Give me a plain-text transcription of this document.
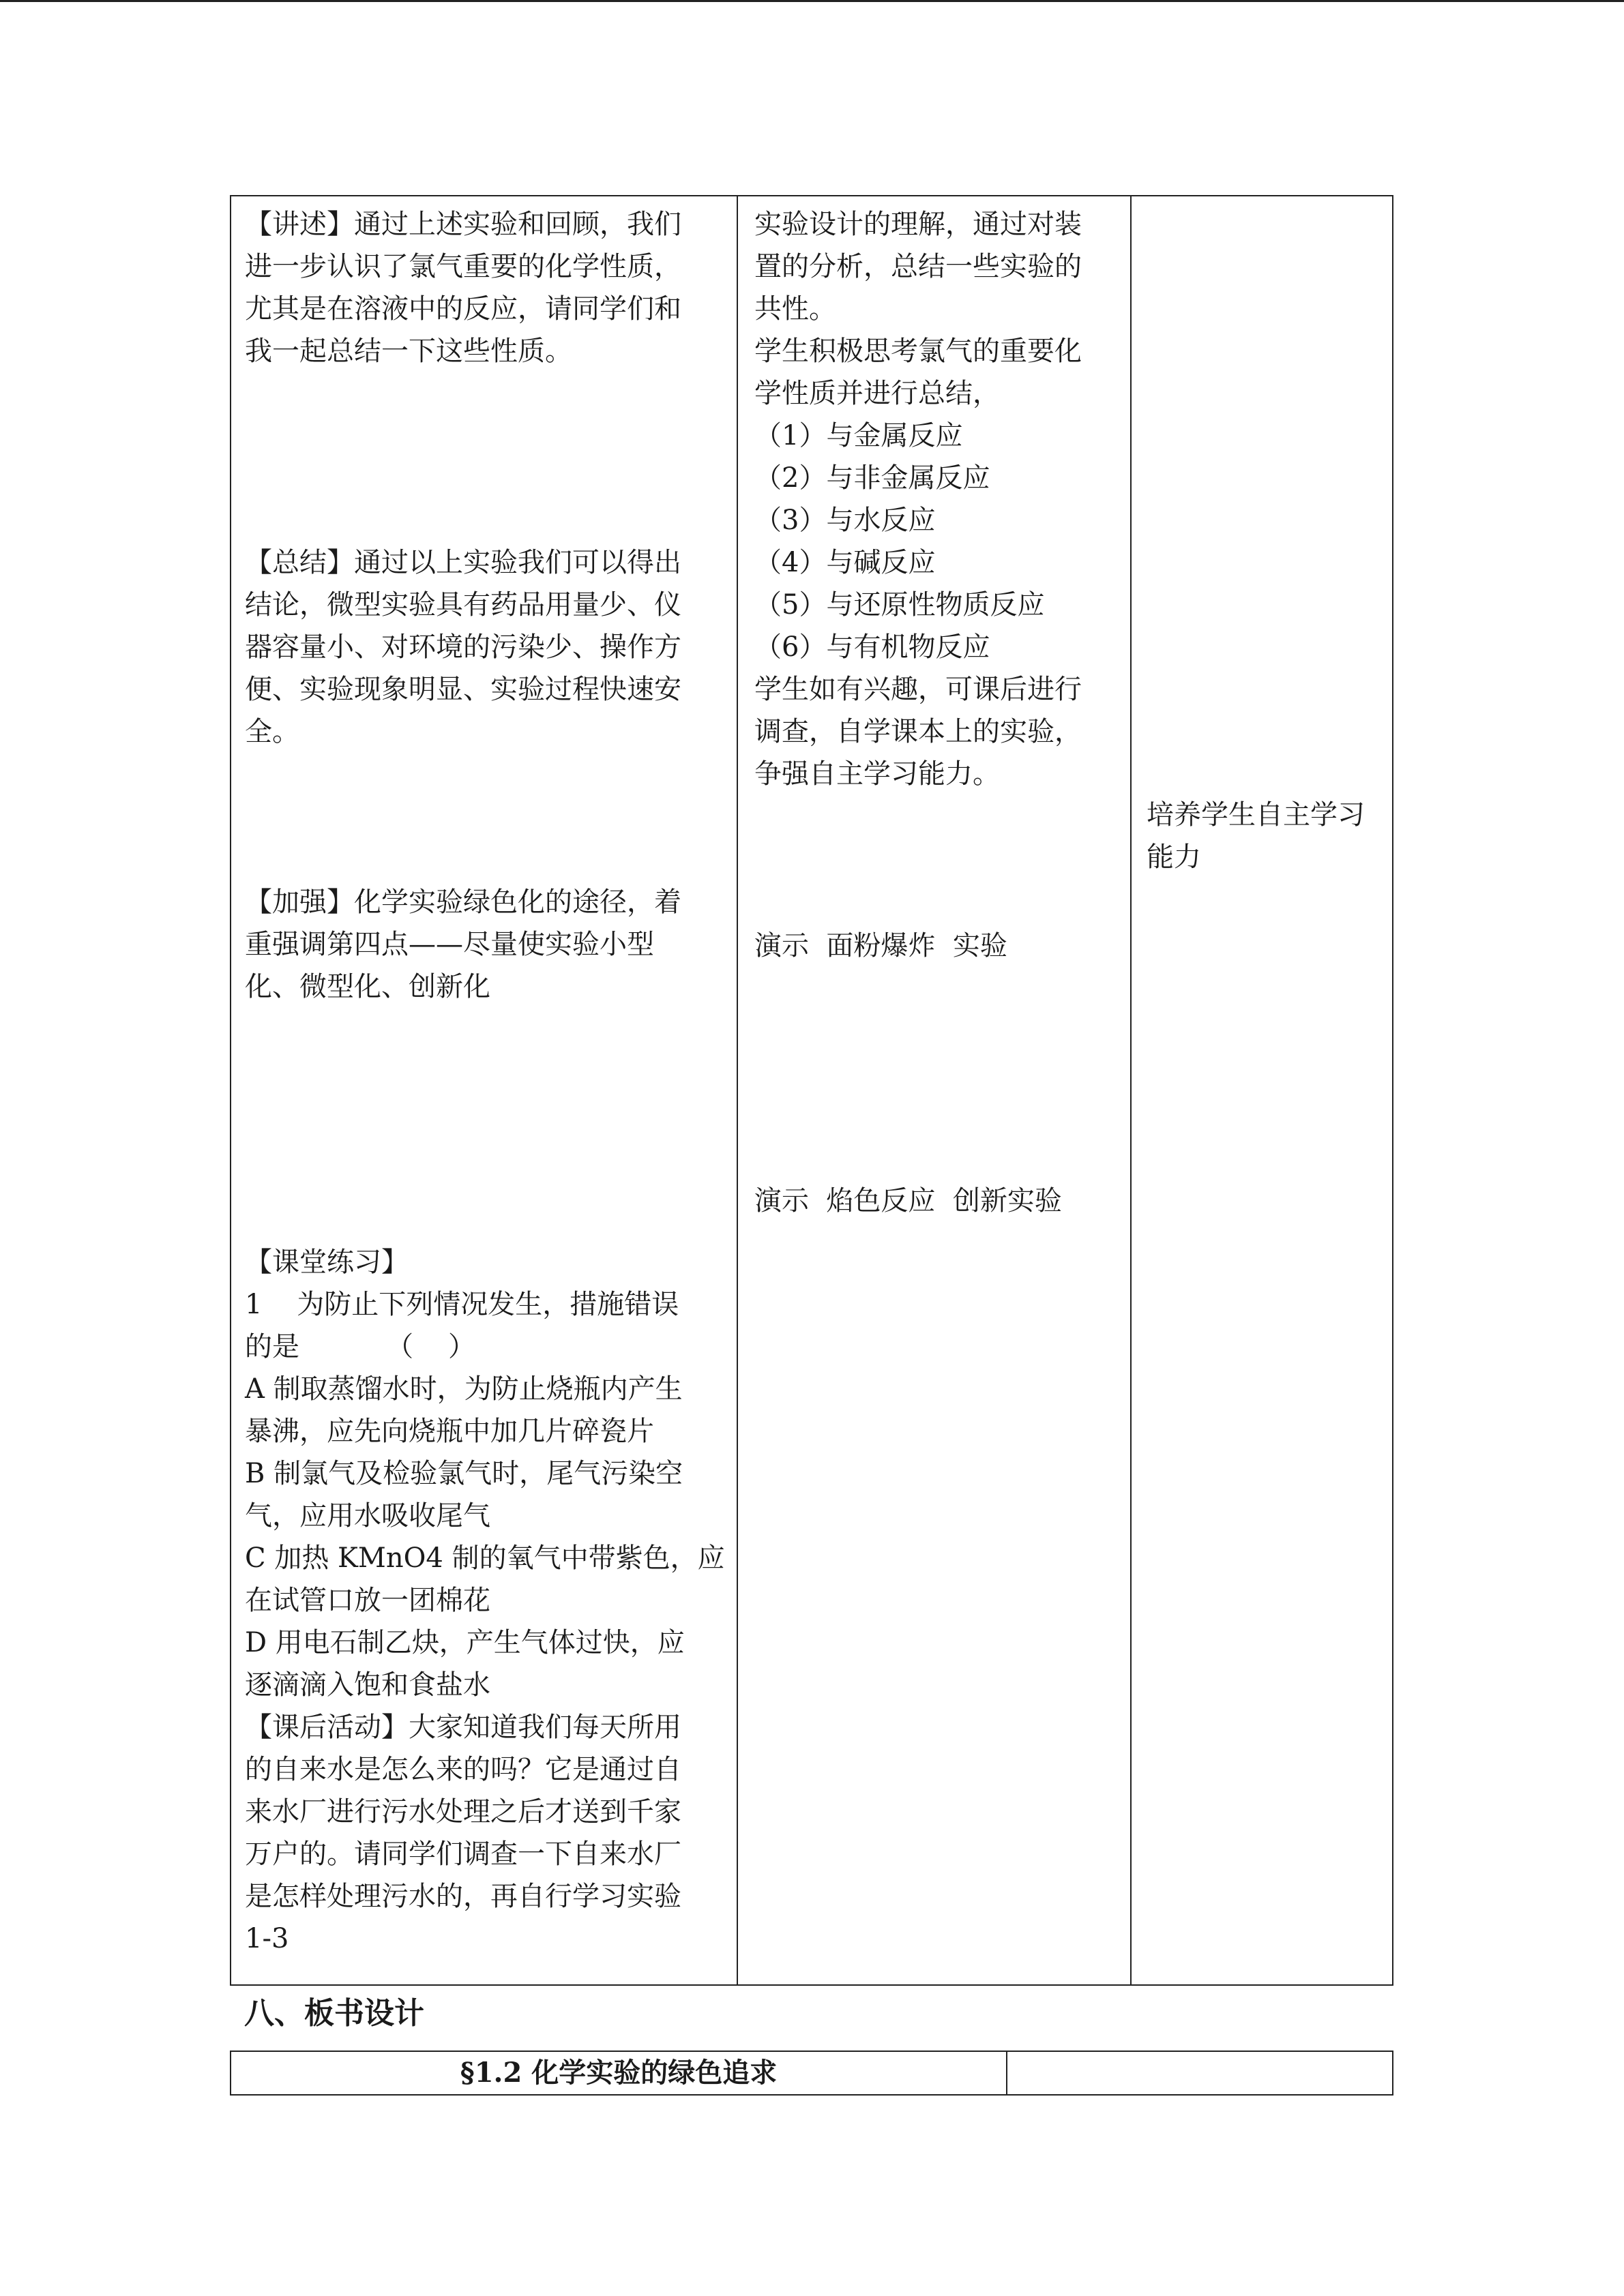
【讲述】通过上述实验和回顾，我们
进一步认识了氯气重要的化学性质，
尤其是在溶液中的反应，请同学们和
我一起总结一下这些性质。
【总结】通过以上实验我们可以得出
结论，微型实验具有药品用量少、仪
器容量小、对环境的污染少、操作方
便、实验现象明显、实验过程快速安
全。
【加强】化学实验绿色化的途径，着
重强调第四点——尽量使实验小型
化、微型化、创新化
【课堂练习】
1    为防止下列情况发生，措施错误
的是          （    ）
A 制取蒸馏水时，为防止烧瓶内产生
暴沸，应先向烧瓶中加几片碎瓷片
B 制氯气及检验氯气时，尾气污染空
气，应用水吸收尾气
C 加热 KMnO4 制的氧气中带紫色，应
在试管口放一团棉花
D 用电石制乙炔，产生气体过快，应
逐滴滴入饱和食盐水
【课后活动】大家知道我们每天所用
的自来水是怎么来的吗？它是通过自
来水厂进行污水处理之后才送到千家
万户的。请同学们调查一下自来水厂
是怎样处理污水的，再自行学习实验
1-3
实验设计的理解，通过对装
置的分析，总结一些实验的
共性。
学生积极思考氯气的重要化
学性质并进行总结，
（1）与金属反应
（2）与非金属反应
（3）与水反应
（4）与碱反应
（5）与还原性物质反应
（6）与有机物反应
学生如有兴趣，可课后进行
调查，自学课本上的实验，
争强自主学习能力。
演示  面粉爆炸  实验
演示  焰色反应  创新实验
培养学生自主学习
能力
八、板书设计
§1.2 化学实验的绿色追求
